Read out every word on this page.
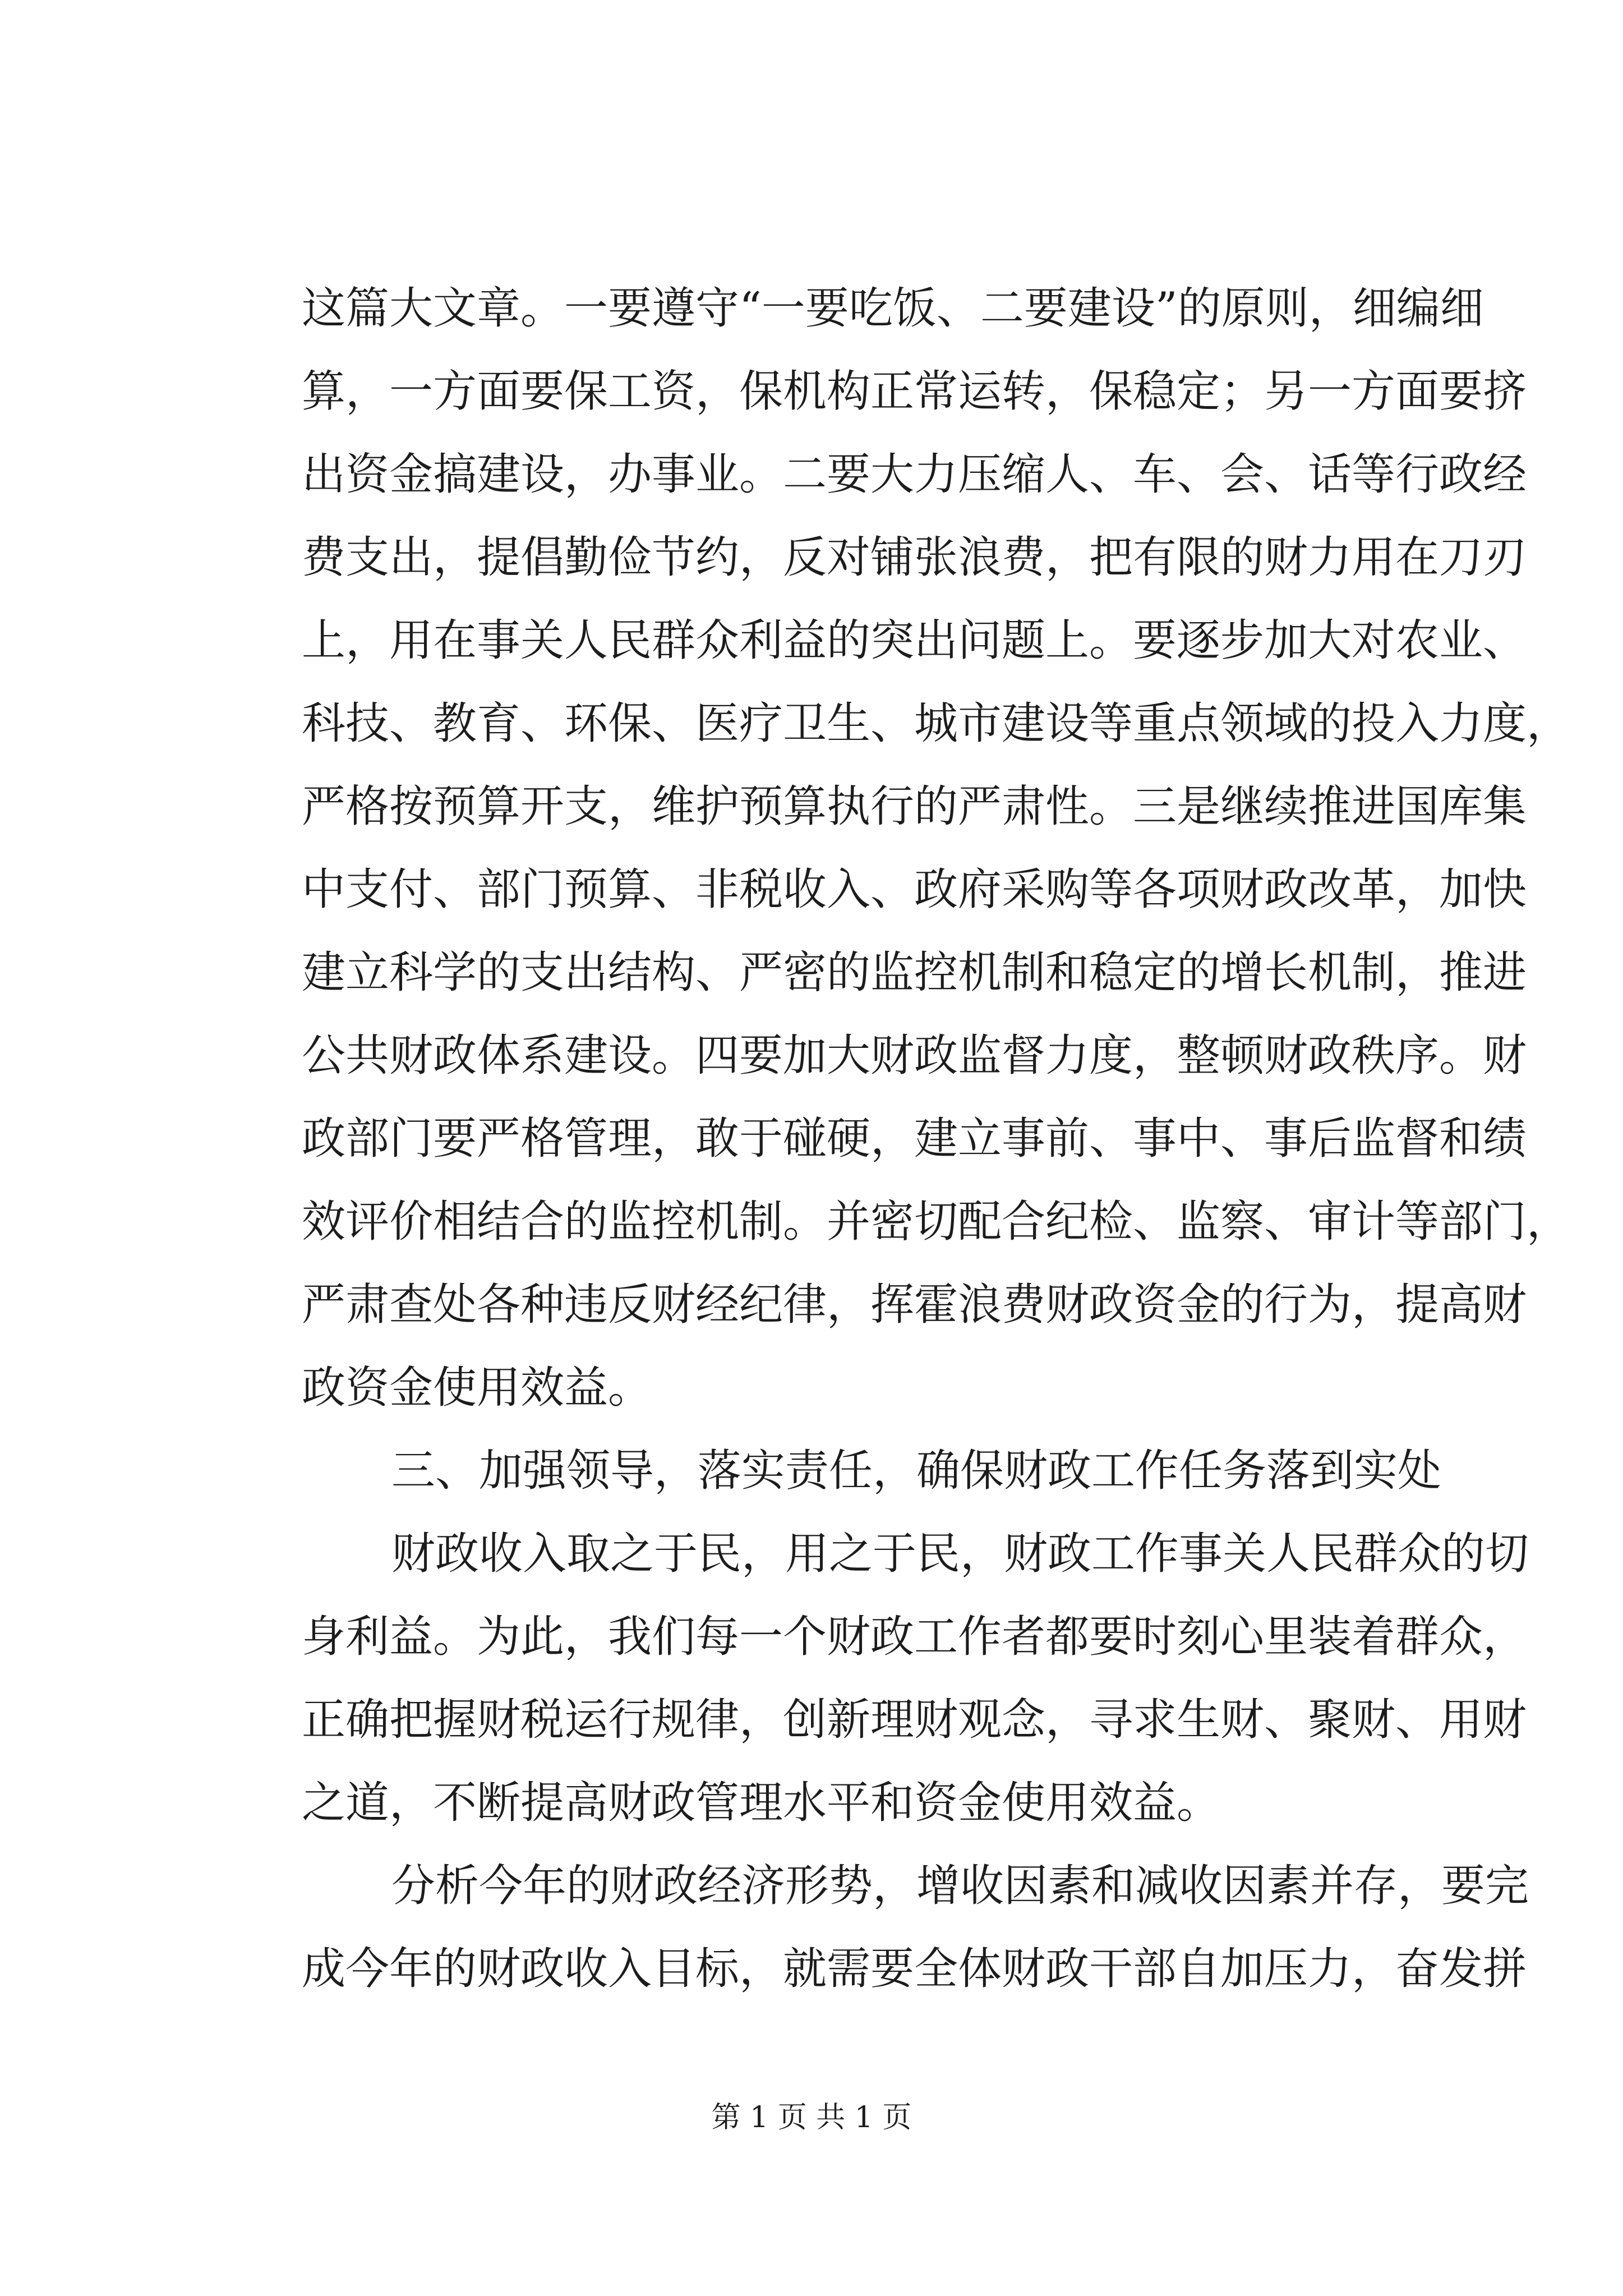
这篇大文章。一要遵守“一要吃饭、二要建设”的原则，细编细
算，一方面要保工资，保机构正常运转，保稳定；另一方面要挤
出资金搞建设，办事业。二要大力压缩人、车、会、话等行政经
费支出，提倡勤俭节约，反对铺张浪费，把有限的财力用在刀刃
上，用在事关人民群众利益的突出问题上。要逐步加大对农业、
科技、教育、环保、医疗卫生、城市建设等重点领域的投入力度，
严格按预算开支，维护预算执行的严肃性。三是继续推进国库集
中支付、部门预算、非税收入、政府采购等各项财政改革，加快
建立科学的支出结构、严密的监控机制和稳定的增长机制，推进
公共财政体系建设。四要加大财政监督力度，整顿财政秩序。财
政部门要严格管理，敢于碰硬，建立事前、事中、事后监督和绩
效评价相结合的监控机制。并密切配合纪检、监察、审计等部门，
严肃查处各种违反财经纪律，挥霍浪费财政资金的行为，提高财
政资金使用效益。
三、加强领导，落实责任，确保财政工作任务落到实处
财政收入取之于民，用之于民，财政工作事关人民群众的切
身利益。为此，我们每一个财政工作者都要时刻心里装着群众，
正确把握财税运行规律，创新理财观念，寻求生财、聚财、用财
之道，不断提高财政管理水平和资金使用效益。
分析今年的财政经济形势，增收因素和减收因素并存，要完
成今年的财政收入目标，就需要全体财政干部自加压力，奋发拼
第 1 页 共 1 页
